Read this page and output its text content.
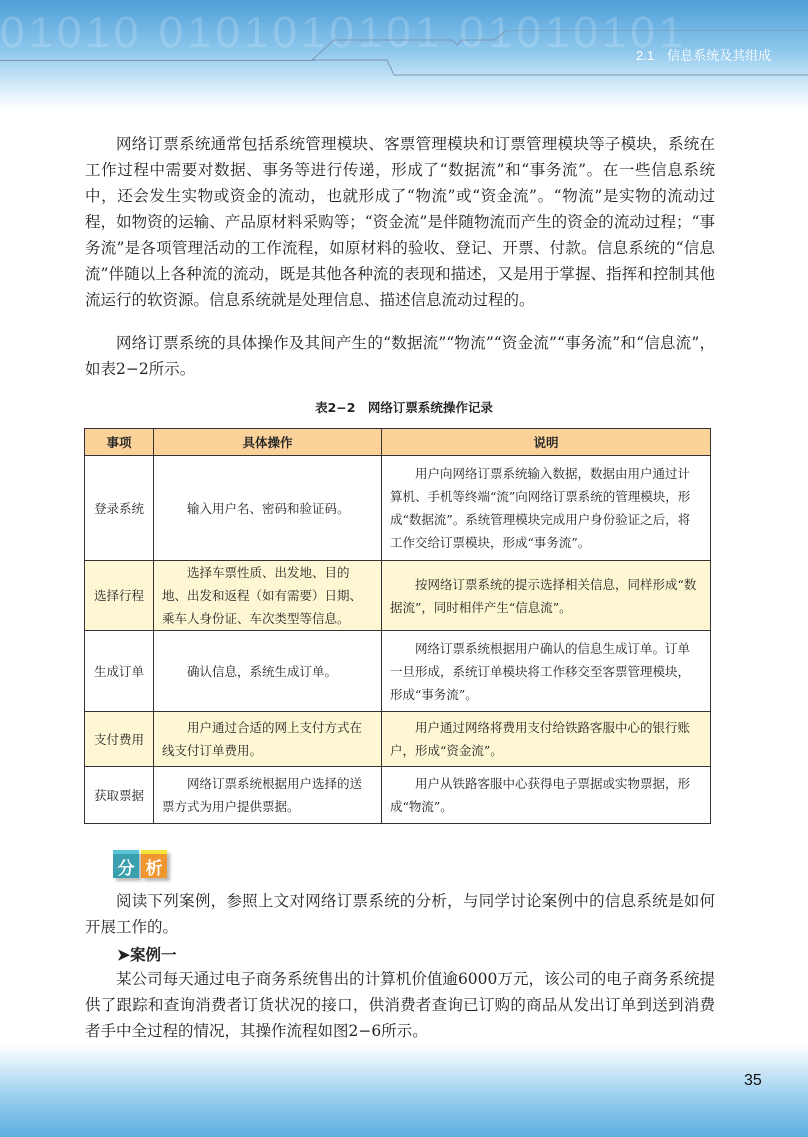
01010 0101010101 01010101
2.1　信息系统及其组成

网络订票系统通常包括系统管理模块、客票管理模块和订票管理模块等子模块，系统在工作过程中需要对数据、事务等进行传递，形成了“数据流”和“事务流”。在一些信息系统中，还会发生实物或资金的流动，也就形成了“物流”或“资金流”。“物流”是实物的流动过程，如物资的运输、产品原材料采购等；“资金流”是伴随物流而产生的资金的流动过程；“事务流”是各项管理活动的工作流程，如原材料的验收、登记、开票、付款。信息系统的“信息流”伴随以上各种流的流动，既是其他各种流的表现和描述，又是用于掌握、指挥和控制其他流运行的软资源。信息系统就是处理信息、描述信息流动过程的。

网络订票系统的具体操作及其间产生的“数据流”“物流”“资金流”“事务流”和“信息流”，如表2−2所示。

表2−2　网络订票系统操作记录
事项	具体操作	说明
登录系统	输入用户名、密码和验证码。	用户向网络订票系统输入数据，数据由用户通过计算机、手机等终端“流”向网络订票系统的管理模块，形成“数据流”。系统管理模块完成用户身份验证之后，将工作交给订票模块，形成“事务流”。
选择行程	选择车票性质、出发地、目的地、出发和返程（如有需要）日期、乘车人身份证、车次类型等信息。	按网络订票系统的提示选择相关信息，同样形成“数据流”，同时相伴产生“信息流”。
生成订单	确认信息，系统生成订单。	网络订票系统根据用户确认的信息生成订单。订单一旦形成，系统订单模块将工作移交至客票管理模块，形成“事务流”。
支付费用	用户通过合适的网上支付方式在线支付订单费用。	用户通过网络将费用支付给铁路客服中心的银行账户，形成“资金流”。
获取票据	网络订票系统根据用户选择的送票方式为用户提供票据。	用户从铁路客服中心获得电子票据或实物票据，形成“物流”。
分 析

阅读下列案例，参照上文对网络订票系统的分析，与同学讨论案例中的信息系统是如何开展工作的。

➤案例一

某公司每天通过电子商务系统售出的计算机价值逾6000万元，该公司的电子商务系统提供了跟踪和查询消费者订货状况的接口，供消费者查询已订购的商品从发出订单到送到消费者手中全过程的情况，其操作流程如图2−6所示。

35
